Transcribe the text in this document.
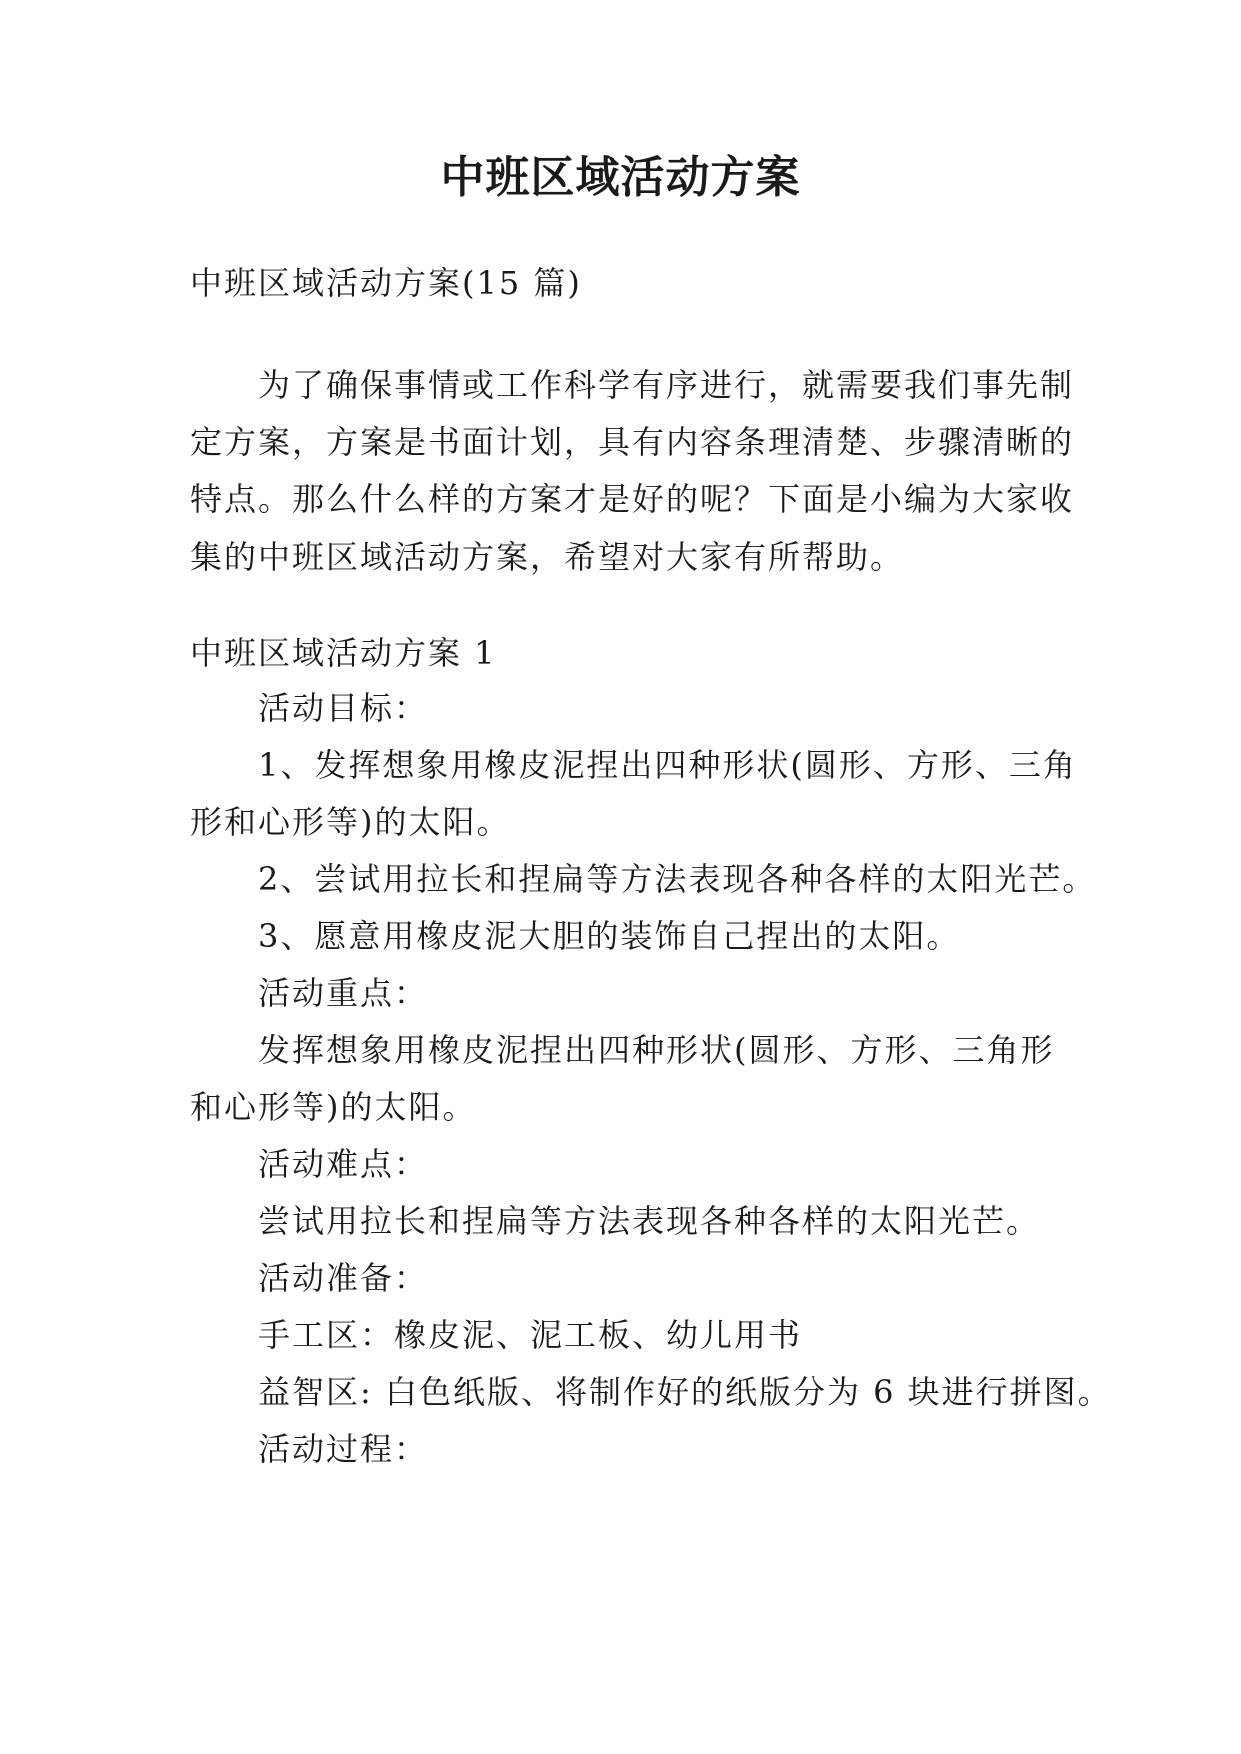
中班区域活动方案
中班区域活动方案(15 篇)
为了确保事情或工作科学有序进行，就需要我们事先制
定方案，方案是书面计划，具有内容条理清楚、步骤清晰的
特点。那么什么样的方案才是好的呢？下面是小编为大家收
集的中班区域活动方案，希望对大家有所帮助。
中班区域活动方案 1
活动目标：
1、发挥想象用橡皮泥捏出四种形状(圆形、方形、三角
形和心形等)的太阳。
2、尝试用拉长和捏扁等方法表现各种各样的太阳光芒。
3、愿意用橡皮泥大胆的装饰自己捏出的太阳。
活动重点：
发挥想象用橡皮泥捏出四种形状(圆形、方形、三角形
和心形等)的太阳。
活动难点：
尝试用拉长和捏扁等方法表现各种各样的太阳光芒。
活动准备：
手工区：橡皮泥、泥工板、幼儿用书
益智区: 白色纸版、将制作好的纸版分为 6 块进行拼图。
活动过程：
